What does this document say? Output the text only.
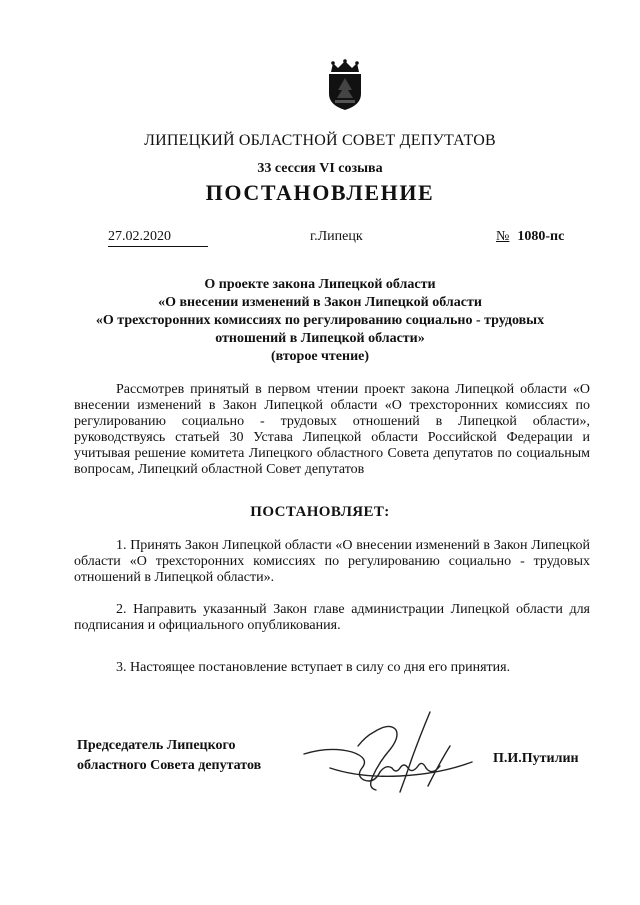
ЛИПЕЦКИЙ ОБЛАСТНОЙ СОВЕТ ДЕПУТАТОВ
33 сессия VI созыва
ПОСТАНОВЛЕНИЕ
27.02.2020	г.Липецк	№ 1080-пс
О проекте закона Липецкой области
«О внесении изменений в Закон Липецкой области
«О трехсторонних комиссиях по регулированию социально - трудовых
отношений в Липецкой области»
(второе чтение)
Рассмотрев принятый в первом чтении проект закона Липецкой области «О внесении изменений в Закон Липецкой области «О трехсторонних комиссиях по регулированию социально - трудовых отношений в Липецкой области», руководствуясь статьей 30 Устава Липецкой области Российской Федерации и учитывая решение комитета Липецкого областного Совета депутатов по социальным вопросам, Липецкий областной Совет депутатов
ПОСТАНОВЛЯЕТ:
1. Принять Закон Липецкой области «О внесении изменений в Закон Липецкой области «О трехсторонних комиссиях по регулированию социально - трудовых отношений в Липецкой области».
2. Направить указанный Закон главе администрации Липецкой области для подписания и официального опубликования.
3. Настоящее постановление вступает в силу со дня его принятия.
Председатель Липецкого
областного Совета депутатов	П.И.Путилин
